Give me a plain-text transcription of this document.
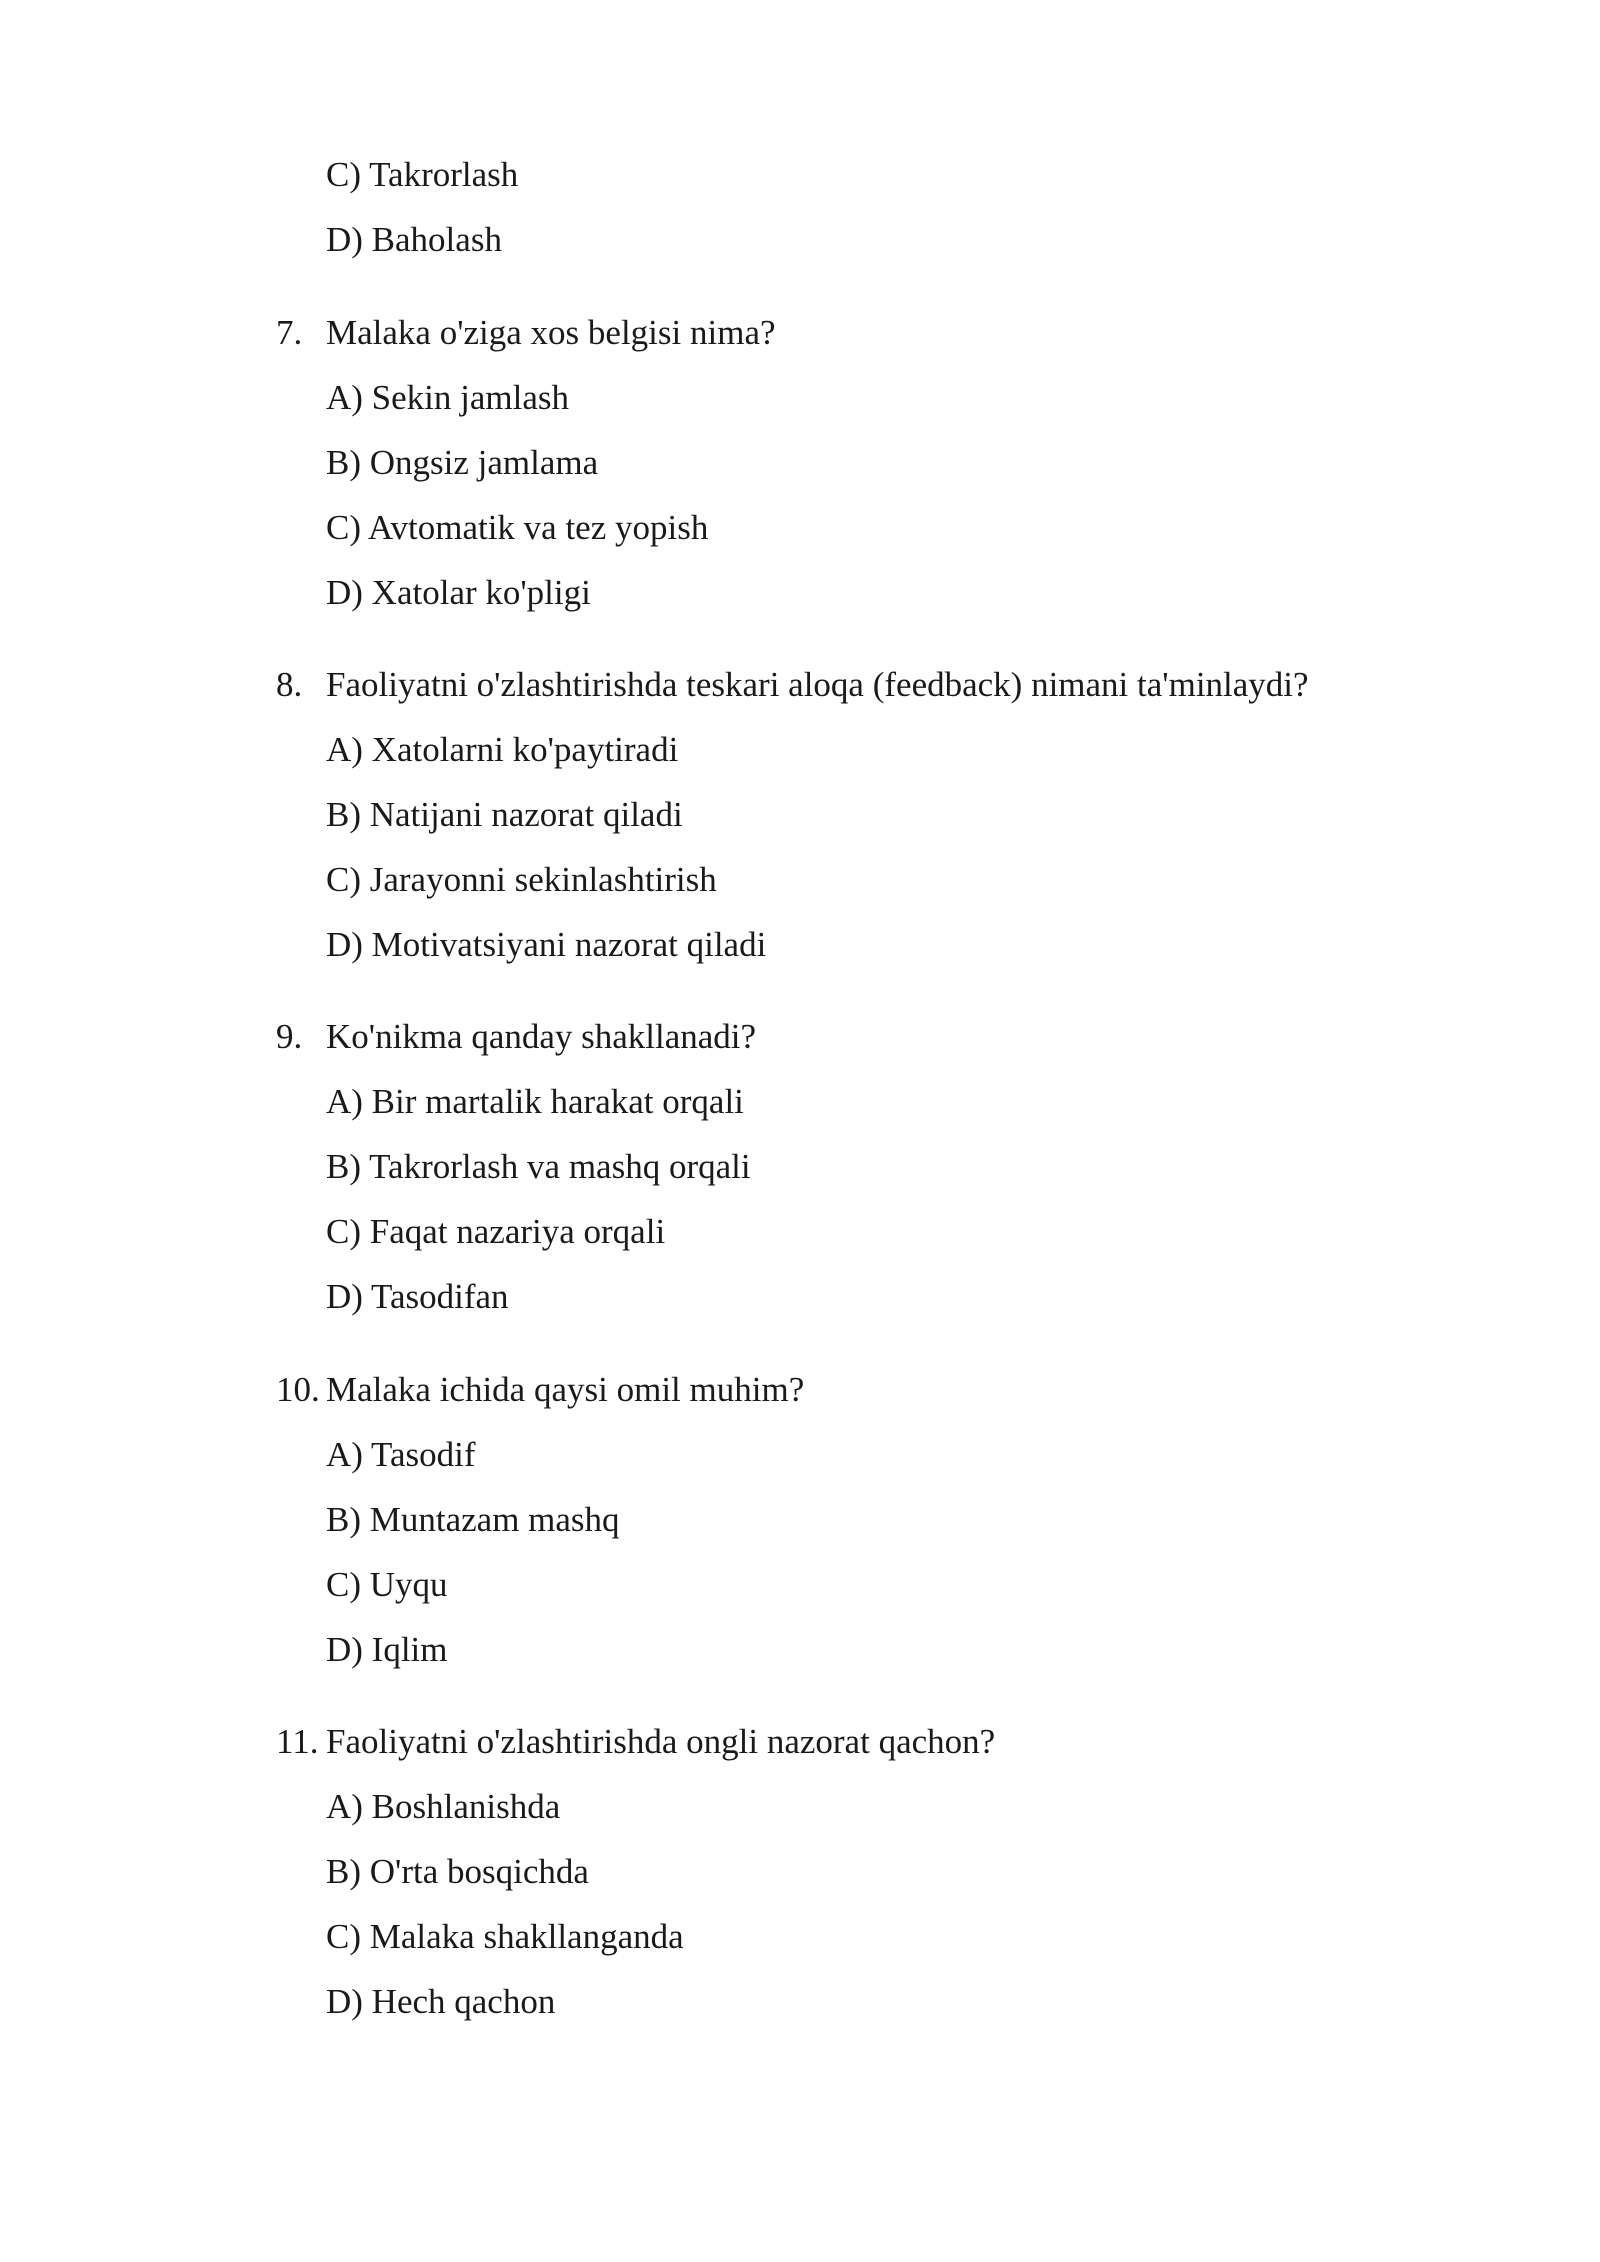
C) Takrorlash
D) Baholash
7. Malaka o'ziga xos belgisi nima?
A) Sekin jamlash
B) Ongsiz jamlama
C) Avtomatik va tez yopish
D) Xatolar ko'pligi
8. Faoliyatni o'zlashtirishda teskari aloqa (feedback) nimani ta'minlaydi?
A) Xatolarni ko'paytiradi
B) Natijani nazorat qiladi
C) Jarayonni sekinlashtirish
D) Motivatsiyani nazorat qiladi
9. Ko'nikma qanday shakllanadi?
A) Bir martalik harakat orqali
B) Takrorlash va mashq orqali
C) Faqat nazariya orqali
D) Tasodifan
10. Malaka ichida qaysi omil muhim?
A) Tasodif
B) Muntazam mashq
C) Uyqu
D) Iqlim
11. Faoliyatni o'zlashtirishda ongli nazorat qachon?
A) Boshlanishda
B) O'rta bosqichda
C) Malaka shakllanganda
D) Hech qachon
